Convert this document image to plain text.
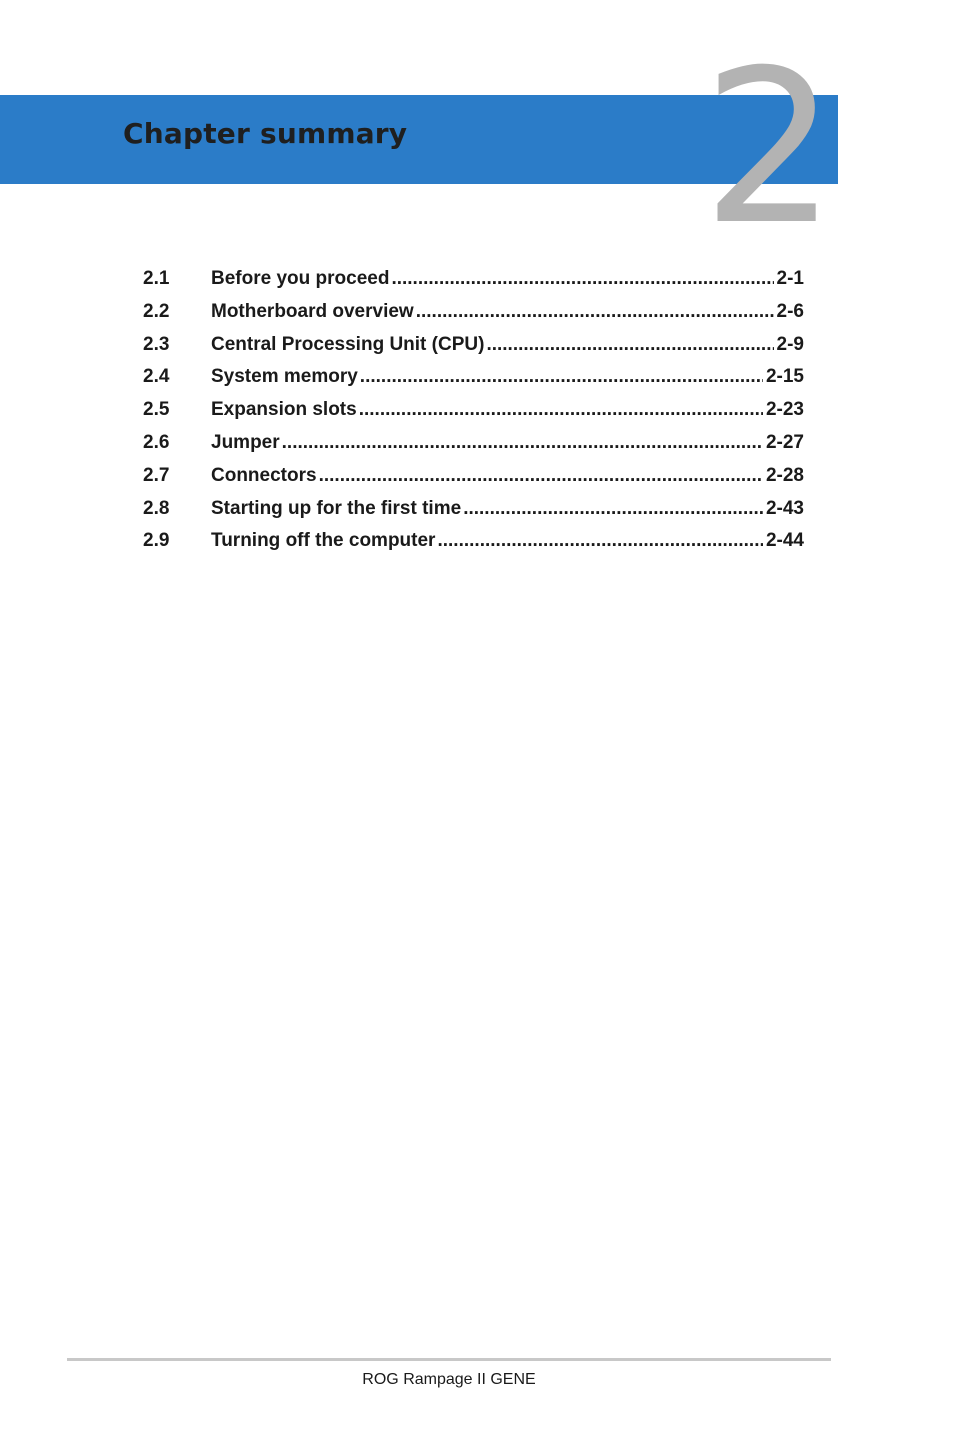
Chapter summary 2
2.1	Before you proceed .....	2-1
2.2	Motherboard overview .....	2-6
2.3	Central Processing Unit (CPU) .....	2-9
2.4	System memory .....	2-15
2.5	Expansion slots .....	2-23
2.6	Jumper .....	2-27
2.7	Connectors .....	2-28
2.8	Starting up for the first time .....	2-43
2.9	Turning off the computer .....	2-44
ROG Rampage II GENE
